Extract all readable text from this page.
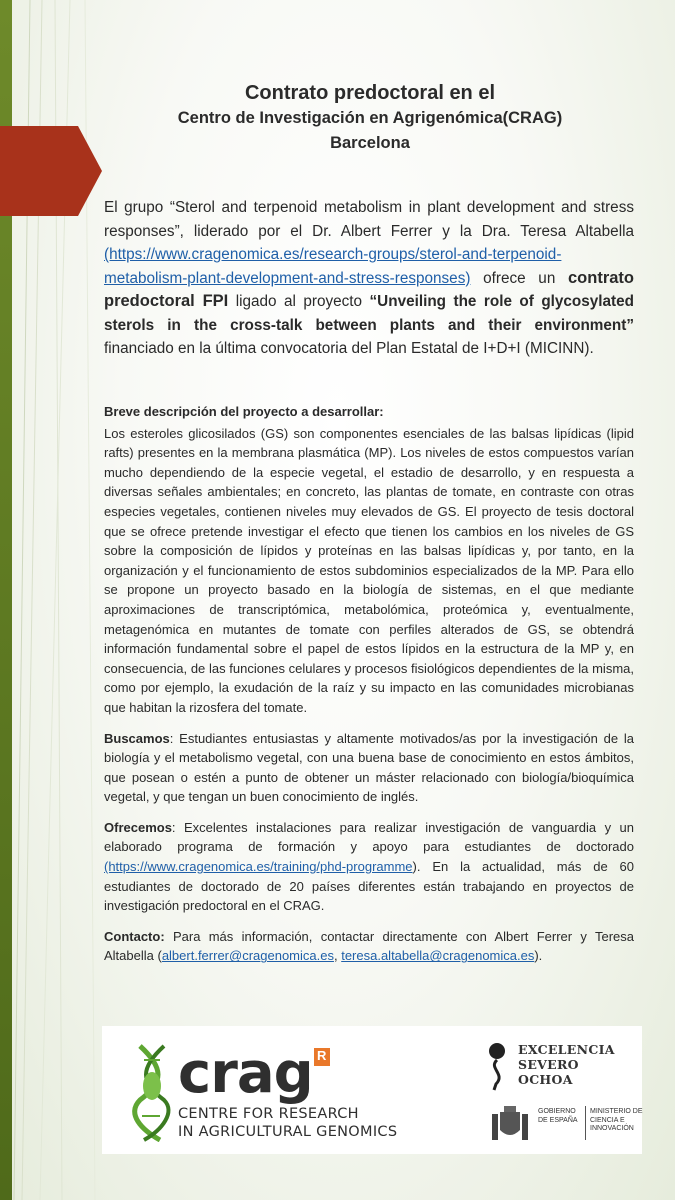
Contrato predoctoral en el
Centro de Investigación en Agrigenómica(CRAG)
Barcelona
El grupo “Sterol and terpenoid metabolism in plant development and stress responses”, liderado por el Dr. Albert Ferrer y la Dra. Teresa Altabella (https://www.cragenomica.es/research-groups/sterol-and-terpenoid-metabolism-plant-development-and-stress-responses) ofrece un contrato predoctoral FPI ligado al proyecto “Unveiling the role of glycosylated sterols in the cross-talk between plants and their environment” financiado en la última convocatoria del Plan Estatal de I+D+I (MICINN).

Breve descripción del proyecto a desarrollar:

Los esteroles glicosilados (GS) son componentes esenciales de las balsas lipídicas (lipid rafts) presentes en la membrana plasmática (MP). Los niveles de estos compuestos varían mucho dependiendo de la especie vegetal, el estadio de desarrollo, y en respuesta a diversas señales ambientales; en concreto, las plantas de tomate, en contraste con otras especies vegetales, contienen niveles muy elevados de GS. El proyecto de tesis doctoral que se ofrece pretende investigar el efecto que tienen los cambios en los niveles de GS sobre la composición de lípidos y proteínas en las balsas lipídicas y, por tanto, en la organización y el funcionamiento de estos subdominios especializados de la MP. Para ello se propone un proyecto basado en la biología de sistemas, en el que mediante aproximaciones de transcriptómica, metabolómica, proteómica y, eventualmente, metagenómica en mutantes de tomate con perfiles alterados de GS, se obtendrá información fundamental sobre el papel de estos lípidos en la estructura de la MP y, en consecuencia, de las funciones celulares y procesos fisiológicos dependientes de la misma, como por ejemplo, la exudación de la raíz y su impacto en las comunidades microbianas que habitan la rizosfera del tomate.

Buscamos: Estudiantes entusiastas y altamente motivados/as por la investigación de la biología y el metabolismo vegetal, con una buena base de conocimiento en estos ámbitos, que posean o estén a punto de obtener un máster relacionado con biología/bioquímica vegetal, y que tengan un buen conocimiento de inglés.

Ofrecemos: Excelentes instalaciones para realizar investigación de vanguardia y un elaborado programa de formación y apoyo para estudiantes de doctorado (https://www.cragenomica.es/training/phd-programme). En la actualidad, más de 60 estudiantes de doctorado de 20 países diferentes están trabajando en proyectos de investigación predoctoral en el CRAG.

Contacto: Para más información, contactar directamente con Albert Ferrer y Teresa Altabella (albert.ferrer@cragenomica.es, teresa.altabella@cragenomica.es).

crag
R
CENTRE FOR RESEARCH
IN AGRICULTURAL GENOMICS
EXCELENCIA SEVERO OCHOA
GOBIERNO DE ESPAÑA
MINISTERIO DE CIENCIA E INNOVACIÓN
